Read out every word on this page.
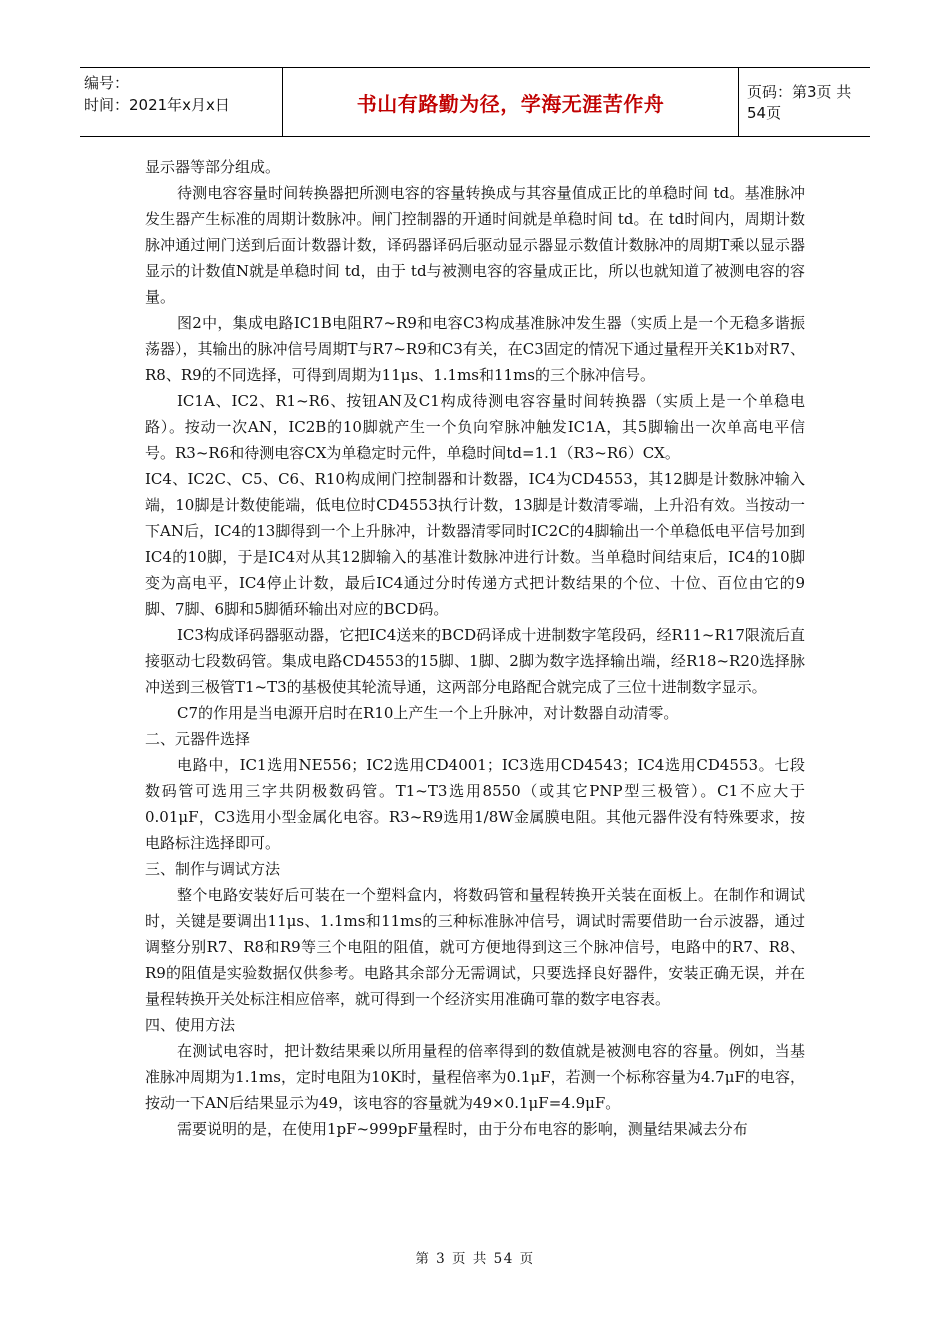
编号：
时间：2021年x月x日	书山有路勤为径，学海无涯苦作舟	页码：第3页 共54页

显示器等部分组成。

待测电容容量时间转换器把所测电容的容量转换成与其容量值成正比的单稳时间 td。基准脉冲发生器产生标准的周期计数脉冲。闸门控制器的开通时间就是单稳时间 td。在 td时间内，周期计数脉冲通过闸门送到后面计数器计数，译码器译码后驱动显示器显示数值计数脉冲的周期T乘以显示器显示的计数值N就是单稳时间 td，由于 td与被测电容的容量成正比，所以也就知道了被测电容的容量。

图2中，集成电路IC1B电阻R7~R9和电容C3构成基准脉冲发生器（实质上是一个无稳多谐振荡器），其输出的脉冲信号周期T与R7~R9和C3有关，在C3固定的情况下通过量程开关K1b对R7、R8、R9的不同选择，可得到周期为11μs、1.1ms和11ms的三个脉冲信号。

IC1A、IC2、R1~R6、按钮AN及C1构成待测电容容量时间转换器（实质上是一个单稳电路）。按动一次AN，IC2B的10脚就产生一个负向窄脉冲触发IC1A，其5脚输出一次单高电平信号。R3~R6和待测电容CX为单稳定时元件，单稳时间td=1.1（R3~R6）CX。

IC4、IC2C、C5、C6、R10构成闸门控制器和计数器，IC4为CD4553，其12脚是计数脉冲输入端，10脚是计数使能端，低电位时CD4553执行计数，13脚是计数清零端，上升沿有效。当按动一下AN后，IC4的13脚得到一个上升脉冲，计数器清零同时IC2C的4脚输出一个单稳低电平信号加到IC4的10脚，于是IC4对从其12脚输入的基准计数脉冲进行计数。当单稳时间结束后，IC4的10脚变为高电平，IC4停止计数，最后IC4通过分时传递方式把计数结果的个位、十位、百位由它的9脚、7脚、6脚和5脚循环输出对应的BCD码。

IC3构成译码器驱动器，它把IC4送来的BCD码译成十进制数字笔段码，经R11~R17限流后直接驱动七段数码管。集成电路CD4553的15脚、1脚、2脚为数字选择输出端，经R18~R20选择脉冲送到三极管T1~T3的基极使其轮流导通，这两部分电路配合就完成了三位十进制数字显示。

C7的作用是当电源开启时在R10上产生一个上升脉冲，对计数器自动清零。

二、元器件选择

电路中，IC1选用NE556；IC2选用CD4001；IC3选用CD4543；IC4选用CD4553。七段数码管可选用三字共阴极数码管。T1~T3选用8550（或其它PNP型三极管）。C1不应大于0.01μF，C3选用小型金属化电容。R3~R9选用1/8W金属膜电阻。其他元器件没有特殊要求，按电路标注选择即可。

三、制作与调试方法

整个电路安装好后可装在一个塑料盒内，将数码管和量程转换开关装在面板上。在制作和调试时，关键是要调出11μs、1.1ms和11ms的三种标准脉冲信号，调试时需要借助一台示波器，通过调整分别R7、R8和R9等三个电阻的阻值，就可方便地得到这三个脉冲信号，电路中的R7、R8、R9的阻值是实验数据仅供参考。电路其余部分无需调试，只要选择良好器件，安装正确无误，并在量程转换开关处标注相应倍率，就可得到一个经济实用准确可靠的数字电容表。

四、使用方法

在测试电容时，把计数结果乘以所用量程的倍率得到的数值就是被测电容的容量。例如，当基准脉冲周期为1.1ms，定时电阻为10K时，量程倍率为0.1μF，若测一个标称容量为4.7μF的电容，按动一下AN后结果显示为49，该电容的容量就为49×0.1μF=4.9μF。

需要说明的是，在使用1pF~999pF量程时，由于分布电容的影响，测量结果减去分布

第 3 页 共 54 页
